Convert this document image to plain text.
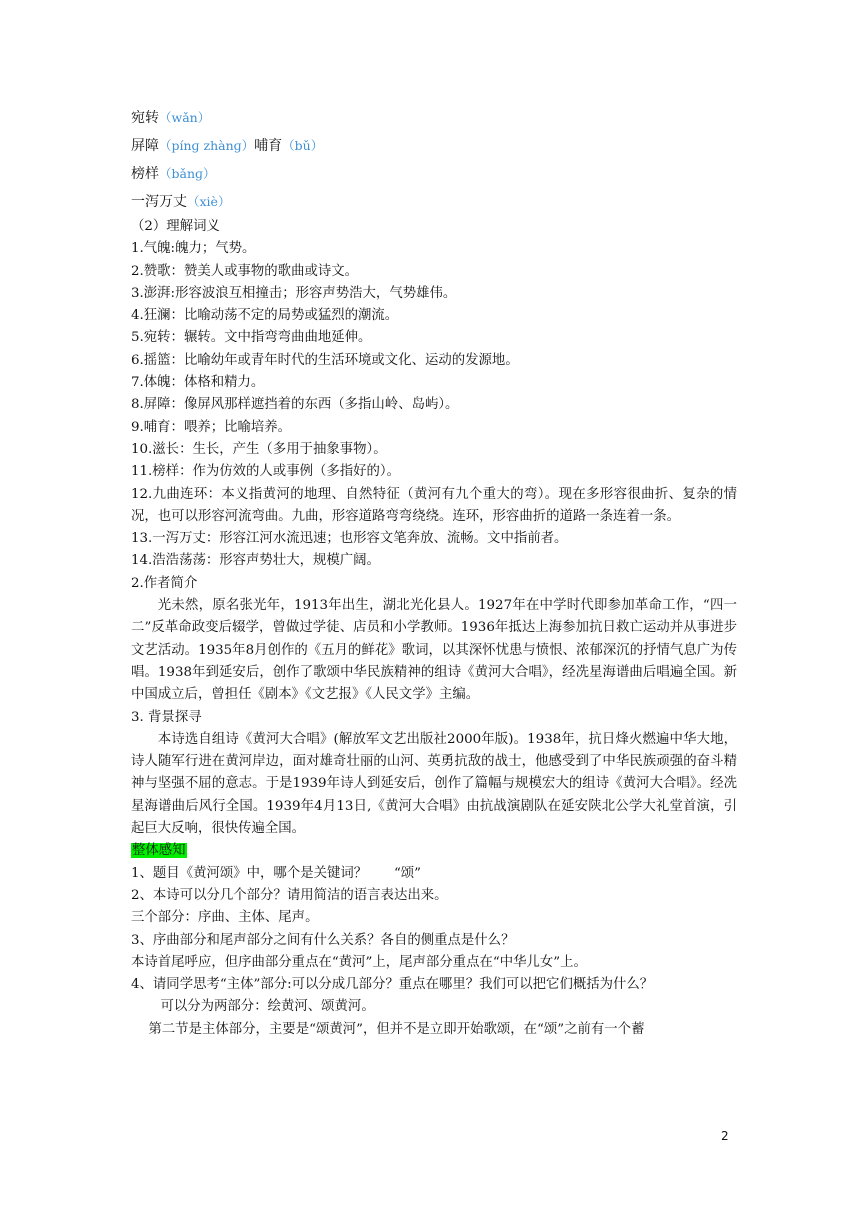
宛转（wǎn）
屏障（pínɡ zhànɡ）哺育（bǔ）
榜样（bǎnɡ）
一泻万丈（xiè）
（2）理解词义
1.气魄:魄力；气势。
2.赞歌：赞美人或事物的歌曲或诗文。
3.澎湃:形容波浪互相撞击；形容声势浩大，气势雄伟。
4.狂澜：比喻动荡不定的局势或猛烈的潮流。
5.宛转：辗转。文中指弯弯曲曲地延伸。
6.摇篮：比喻幼年或青年时代的生活环境或文化、运动的发源地。
7.体魄：体格和精力。
8.屏障：像屏风那样遮挡着的东西（多指山岭、岛屿）。
9.哺育：喂养；比喻培养。
10.滋长：生长，产生（多用于抽象事物）。
11.榜样：作为仿效的人或事例（多指好的）。
12.九曲连环：本义指黄河的地理、自然特征（黄河有九个重大的弯）。现在多形容很曲折、复杂的情况，也可以形容河流弯曲。九曲，形容道路弯弯绕绕。连环，形容曲折的道路一条连着一条。
13.一泻万丈：形容江河水流迅速；也形容文笔奔放、流畅。文中指前者。
14.浩浩荡荡：形容声势壮大，规模广阔。
2.作者简介
光未然，原名张光年，1913年出生，湖北光化县人。1927年在中学时代即参加革命工作，“四一二”反革命政变后辍学，曾做过学徒、店员和小学教师。1936年抵达上海参加抗日救亡运动并从事进步文艺活动。1935年8月创作的《五月的鲜花》歌词，以其深怀忧患与愤恨、浓郁深沉的抒情气息广为传唱。1938年到延安后，创作了歌颂中华民族精神的组诗《黄河大合唱》，经冼星海谱曲后唱遍全国。新中国成立后，曾担任《剧本》《文艺报》《人民文学》主编。
3. 背景探寻
本诗选自组诗《黄河大合唱》(解放军文艺出版社2000年版)。1938年，抗日烽火燃遍中华大地，诗人随军行进在黄河岸边，面对雄奇壮丽的山河、英勇抗敌的战士，他感受到了中华民族顽强的奋斗精神与坚强不屈的意志。于是1939年诗人到延安后，创作了篇幅与规模宏大的组诗《黄河大合唱》。经冼星海谱曲后风行全国。1939年4月13日,《黄河大合唱》由抗战演剧队在延安陕北公学大礼堂首演，引起巨大反响，很快传遍全国。
整体感知
1、题目《黄河颂》中，哪个是关键词？　　“颂”
2、本诗可以分几个部分？请用简洁的语言表达出来。
三个部分：序曲、主体、尾声。
3、序曲部分和尾声部分之间有什么关系？各自的侧重点是什么？
本诗首尾呼应，但序曲部分重点在“黄河”上，尾声部分重点在“中华儿女”上。
4、请同学思考“主体”部分:可以分成几部分？重点在哪里？我们可以把它们概括为什么？
可以分为两部分：绘黄河、颂黄河。
第二节是主体部分，主要是“颂黄河”，但并不是立即开始歌颂，在“颂”之前有一个蓄
2
